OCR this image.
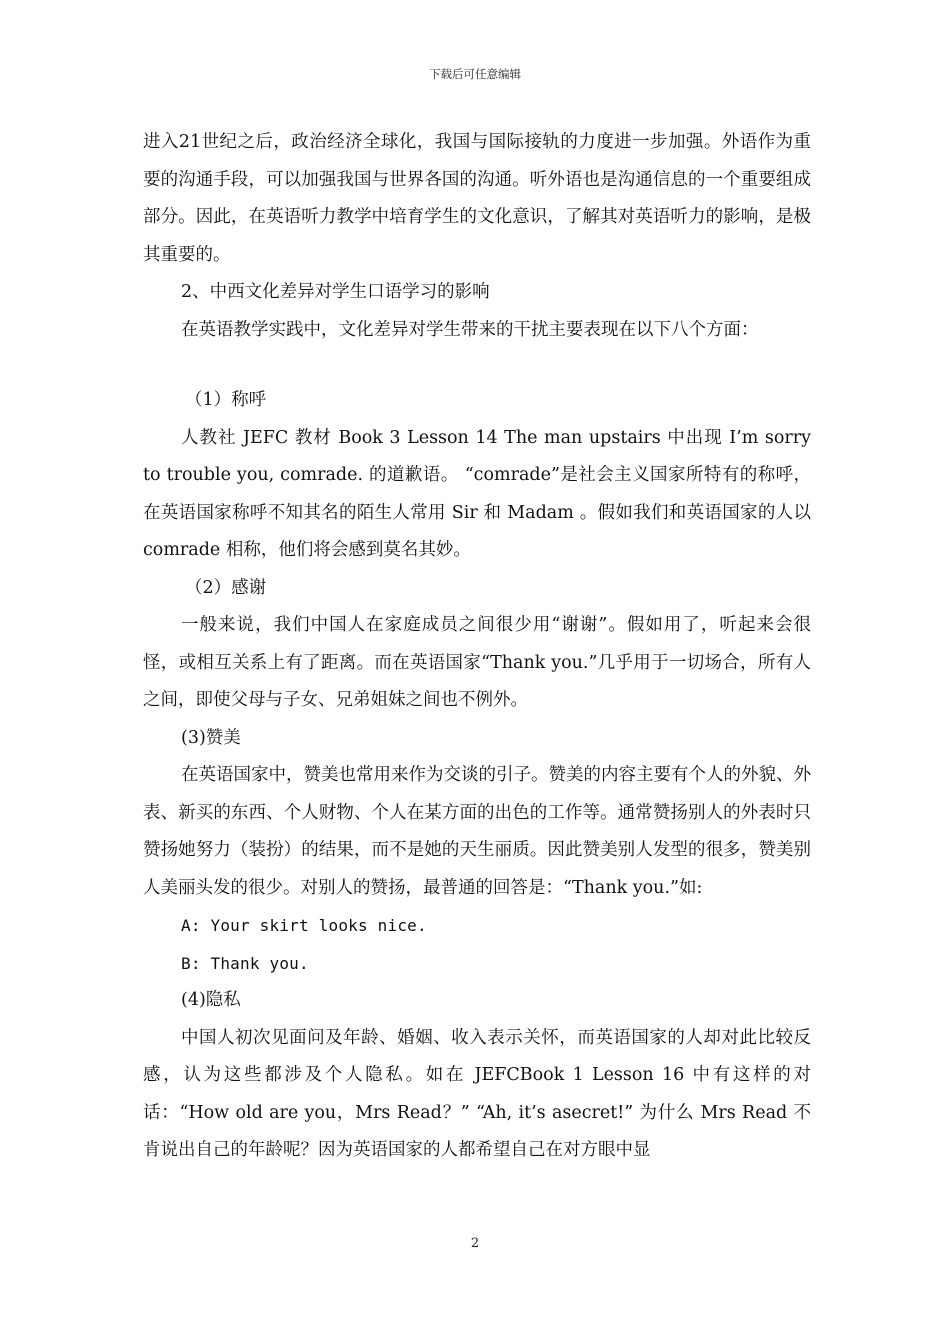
下载后可任意编辑

进入21世纪之后，政治经济全球化，我国与国际接轨的力度进一步加强。外语作为重要的沟通手段，可以加强我国与世界各国的沟通。听外语也是沟通信息的一个重要组成部分。因此，在英语听力教学中培育学生的文化意识，了解其对英语听力的影响，是极其重要的。

2、中西文化差异对学生口语学习的影响

在英语教学实践中，文化差异对学生带来的干扰主要表现在以下八个方面：

（1）称呼

人教社 JEFC 教材 Book 3 Lesson 14 The man upstairs 中出现 I’m sorry to trouble you, comrade. 的道歉语。 “comrade”是社会主义国家所特有的称呼，在英语国家称呼不知其名的陌生人常用 Sir 和 Madam 。假如我们和英语国家的人以 comrade 相称，他们将会感到莫名其妙。

（2）感谢

一般来说，我们中国人在家庭成员之间很少用“谢谢”。假如用了，听起来会很怪，或相互关系上有了距离。而在英语国家“Thank you.”几乎用于一切场合，所有人之间，即使父母与子女、兄弟姐妹之间也不例外。

(3)赞美

在英语国家中，赞美也常用来作为交谈的引子。赞美的内容主要有个人的外貌、外表、新买的东西、个人财物、个人在某方面的出色的工作等。通常赞扬别人的外表时只赞扬她努力（装扮）的结果，而不是她的天生丽质。因此赞美别人发型的很多，赞美别人美丽头发的很少。对别人的赞扬，最普通的回答是：“Thank you.”如:

A: Your skirt looks nice.

B: Thank you.

(4)隐私

中国人初次见面问及年龄、婚姻、收入表示关怀，而英语国家的人却对此比较反感，认为这些都涉及个人隐私。如在 JEFCBook 1 Lesson 16 中有这样的对话：“How old are you，Mrs Read？” “Ah, it’s asecret!” 为什么 Mrs Read 不肯说出自己的年龄呢？因为英语国家的人都希望自己在对方眼中显

2
